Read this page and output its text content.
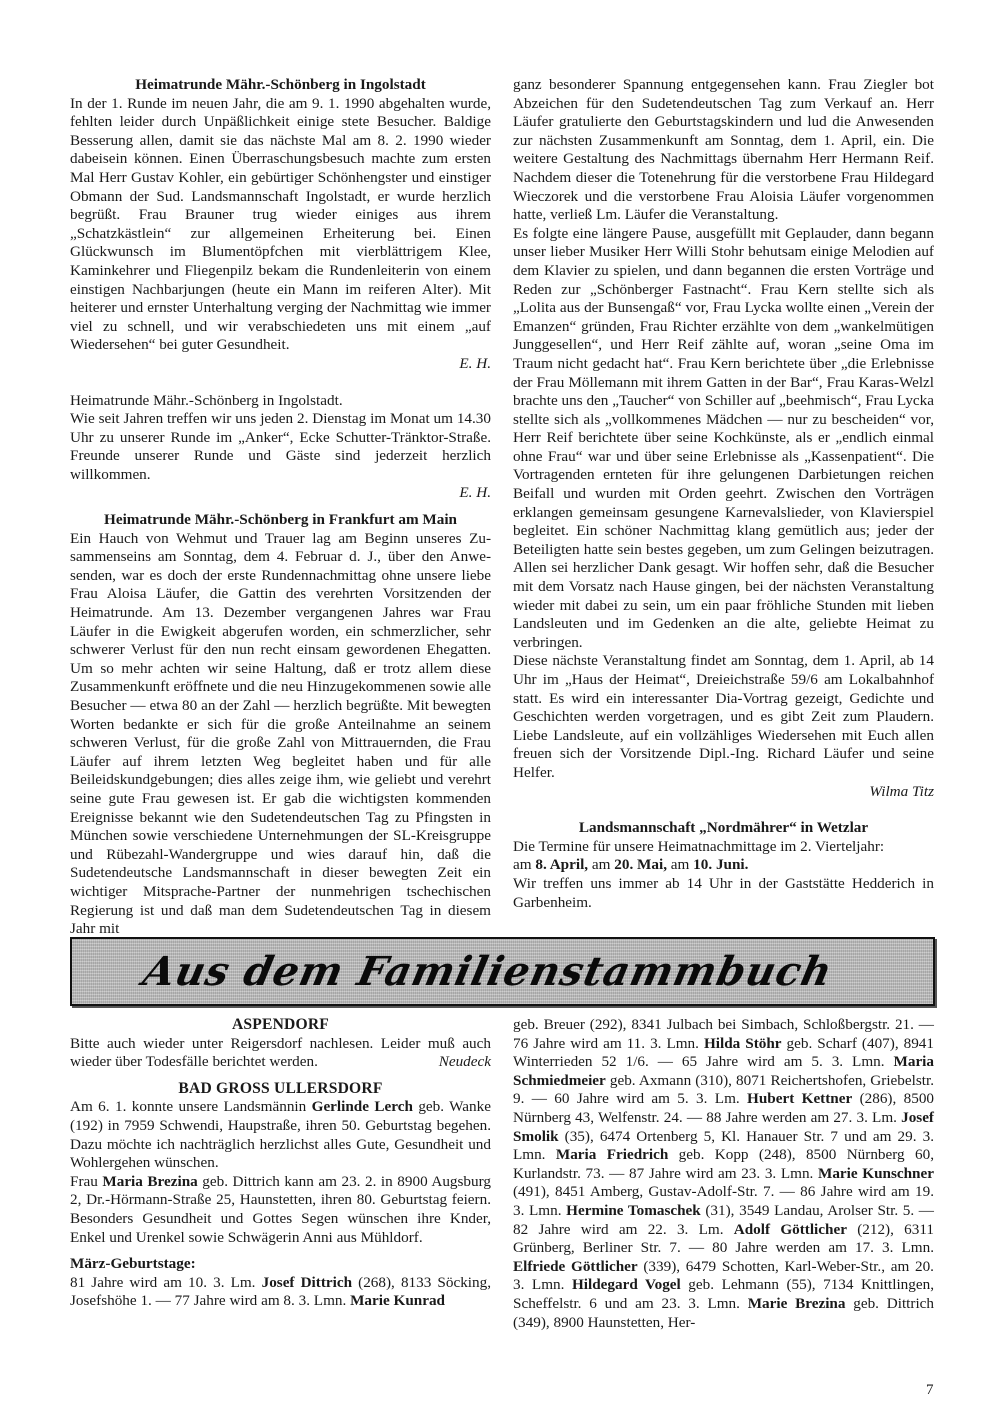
Heimatrunde Mähr.-Schönberg in Ingolstadt

In der 1. Runde im neuen Jahr, die am 9. 1. 1990 abgehalten wurde, fehlten leider durch Unpäßlichkeit einige stete Besucher. Baldige Besserung allen, damit sie das nächste Mal am 8. 2. 1990 wieder dabeisein können. Einen Überraschungsbesuch machte zum ersten Mal Herr Gustav Kohler, ein gebürtiger Schönhengster und einstiger Obmann der Sud. Landsmannschaft Ingolstadt, er wurde herzlich begrüßt. Frau Brauner trug wieder einiges aus ihrem „Schatzkästlein“ zur allgemeinen Erheiterung bei. Einen Glückwunsch im Blumentöpfchen mit vierblättrigem Klee, Kaminkehrer und Fliegenpilz bekam die Rundenleiterin von einem einstigen Nachbarjungen (heute ein Mann im reiferen Alter). Mit heiterer und ernster Unterhaltung verging der Nachmittag wie immer viel zu schnell, und wir verabschiedeten uns mit einem „auf Wiedersehen“ bei guter Gesundheit.

E. H.

Heimatrunde Mähr.-Schönberg in Ingolstadt.

Wie seit Jahren treffen wir uns jeden 2. Dienstag im Monat um 14.30 Uhr zu unserer Runde im „Anker“, Ecke Schutter-Tränktor-Straße. Freunde unserer Runde und Gäste sind jederzeit herzlich willkommen.

E. H.
Heimatrunde Mähr.-Schönberg in Frankfurt am Main

Ein Hauch von Wehmut und Trauer lag am Beginn unseres Zusammenseins am Sonntag, dem 4. Februar d. J., über den Anwesenden, war es doch der erste Rundennachmittag ohne unsere liebe Frau Aloisa Läufer, die Gattin des verehrten Vorsitzenden der Heimatrunde. Am 13. Dezember vergangenen Jahres war Frau Läufer in die Ewigkeit abgerufen worden, ein schmerzlicher, sehr schwerer Verlust für den nun recht einsam gewordenen Ehegatten. Um so mehr achten wir seine Haltung, daß er trotz allem diese Zusammenkunft eröffnete und die neu Hinzugekommenen sowie alle Besucher — etwa 80 an der Zahl — herzlich begrüßte. Mit bewegten Worten bedankte er sich für die große Anteilnahme an seinem schweren Verlust, für die große Zahl von Mittrauernden, die Frau Läufer auf ihrem letzten Weg begleitet haben und für alle Beileidskundgebungen; dies alles zeige ihm, wie geliebt und verehrt seine gute Frau gewesen ist. Er gab die wichtigsten kommenden Ereignisse bekannt wie den Sudetendeutschen Tag zu Pfingsten in München sowie verschiedene Unternehmungen der SL-Kreisgruppe und Rübezahl-Wandergruppe und wies darauf hin, daß die Sudetendeutsche Landsmannschaft in dieser bewegten Zeit ein wichtiger Mitsprache-Partner der nunmehrigen tschechischen Regierung ist und daß man dem Sudetendeutschen Tag in diesem Jahr mit

ganz besonderer Spannung entgegensehen kann. Frau Ziegler bot Abzeichen für den Sudetendeutschen Tag zum Verkauf an. Herr Läufer gratulierte den Geburtstagskindern und lud die Anwesenden zur nächsten Zusammenkunft am Sonntag, dem 1. April, ein. Die weitere Gestaltung des Nachmittags übernahm Herr Hermann Reif. Nachdem dieser die Totenehrung für die verstorbene Frau Hildegard Wieczorek und die verstorbene Frau Aloisia Läufer vorgenommen hatte, verließ Lm. Läufer die Veranstaltung.

Es folgte eine längere Pause, ausgefüllt mit Geplauder, dann begann unser lieber Musiker Herr Willi Stohr behutsam einige Melodien auf dem Klavier zu spielen, und dann begannen die ersten Vorträge und Reden zur „Schönberger Fastnacht“. Frau Kern stellte sich als „Lolita aus der Bunsengaß“ vor, Frau Lycka wollte einen „Verein der Emanzen“ gründen, Frau Richter erzählte von dem „wankelmütigen Junggesellen“, und Herr Reif zählte auf, woran „seine Oma im Traum nicht gedacht hat“. Frau Kern berichtete über „die Erlebnisse der Frau Möllemann mit ihrem Gatten in der Bar“, Frau Karas-Welzl brachte uns den „Taucher“ von Schiller auf „beehmisch“, Frau Lycka stellte sich als „vollkommenes Mädchen — nur zu bescheiden“ vor, Herr Reif berichtete über seine Kochkünste, als er „endlich einmal ohne Frau“ war und über seine Erlebnisse als „Kassenpatient“. Die Vortragenden ernteten für ihre gelungenen Darbietungen reichen Beifall und wurden mit Orden geehrt. Zwischen den Vorträgen erklangen gemeinsam gesungene Karnevalslieder, von Klavierspiel begleitet. Ein schöner Nachmittag klang gemütlich aus; jeder der Beteiligten hatte sein bestes gegeben, um zum Gelingen beizutragen. Allen sei herzlicher Dank gesagt. Wir hoffen sehr, daß die Besucher mit dem Vorsatz nach Hause gingen, bei der nächsten Veranstaltung wieder mit dabei zu sein, um ein paar fröhliche Stunden mit lieben Landsleuten und im Gedenken an die alte, geliebte Heimat zu verbringen.

Diese nächste Veranstaltung findet am Sonntag, dem 1. April, ab 14 Uhr im „Haus der Heimat“, Dreieichstraße 59/6 am Lokalbahnhof statt. Es wird ein interessanter Dia-Vortrag gezeigt, Gedichte und Geschichten werden vorgetragen, und es gibt Zeit zum Plaudern. Liebe Landsleute, auf ein vollzähliges Wiedersehen mit Euch allen freuen sich der Vorsitzende Dipl.-Ing. Richard Läufer und seine Helfer.

Wilma Titz
Landsmannschaft „Nordmährer“ in Wetzlar

Die Termine für unsere Heimatnachmittage im 2. Vierteljahr:

am 8. April, am 20. Mai, am 10. Juni.

Wir treffen uns immer ab 14 Uhr in der Gaststätte Hedderich in Garbenheim.

Aus dem Familienstammbuch
ASPENDORF

Bitte auch wieder unter Reigersdorf nachlesen. Leider muß auch wieder über Todesfälle berichtet werden.	Neudeck
BAD GROSS ULLERSDORF

Am 6. 1. konnte unsere Landsmännin Gerlinde Lerch geb. Wanke (192) in 7959 Schwendi, Haupstraße, ihren 50. Geburtstag begehen. Dazu möchte ich nachträglich herzlichst alles Gute, Gesundheit und Wohlergehen wünschen.

Frau Maria Brezina geb. Dittrich kann am 23. 2. in 8900 Augsburg 2, Dr.-Hörmann-Straße 25, Haunstetten, ihren 80. Geburtstag feiern. Besonders Gesundheit und Gottes Segen wünschen ihre Knder, Enkel und Urenkel sowie Schwägerin Anni aus Mühldorf.

März-Geburtstage:

81 Jahre wird am 10. 3. Lm. Josef Dittrich (268), 8133 Söcking, Josefshöhe 1. — 77 Jahre wird am 8. 3. Lmn. Marie Kunrad

geb. Breuer (292), 8341 Julbach bei Simbach, Schloßbergstr. 21. — 76 Jahre wird am 11. 3. Lmn. Hilda Stöhr geb. Scharf (407), 8941 Winterrieden 52 1/6. — 65 Jahre wird am 5. 3. Lmn. Maria Schmiedmeier geb. Axmann (310), 8071 Reichertshofen, Griebelstr. 9. — 60 Jahre wird am 5. 3. Lm. Hubert Kettner (286), 8500 Nürnberg 43, Welfenstr. 24. — 88 Jahre werden am 27. 3. Lm. Josef Smolik (35), 6474 Ortenberg 5, Kl. Hanauer Str. 7 und am 29. 3. Lmn. Maria Friedrich geb. Kopp (248), 8500 Nürnberg 60, Kurlandstr. 73. — 87 Jahre wird am 23. 3. Lmn. Marie Kunschner (491), 8451 Amberg, Gustav-Adolf-Str. 7. — 86 Jahre wird am 19. 3. Lmn. Hermine Tomaschek (31), 3549 Landau, Arolser Str. 5. — 82 Jahre wird am 22. 3. Lm. Adolf Göttlicher (212), 6311 Grünberg, Berliner Str. 7. — 80 Jahre werden am 17. 3. Lmn. Elfriede Göttlicher (339), 6479 Schotten, Karl-Weber-Str., am 20. 3. Lmn. Hildegard Vogel geb. Lehmann (55), 7134 Knittlingen, Scheffelstr. 6 und am 23. 3. Lmn. Marie Brezina geb. Dittrich (349), 8900 Haunstetten, Her-

7
